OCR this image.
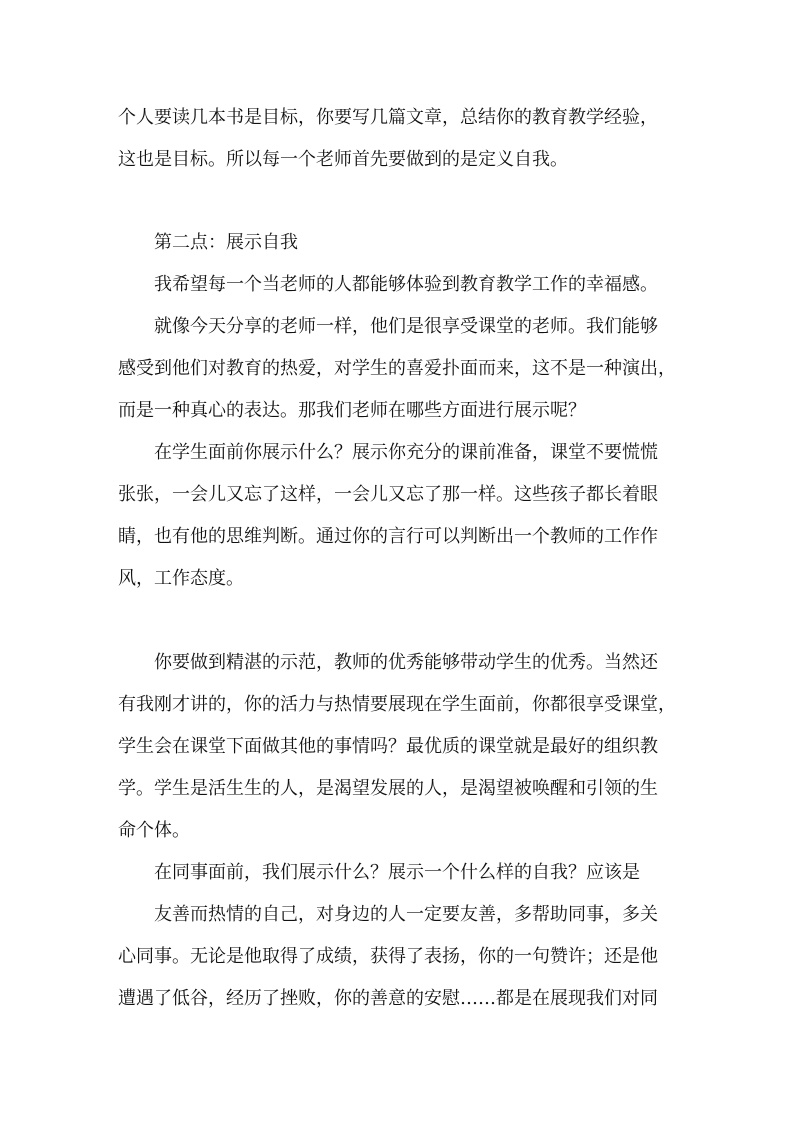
个人要读几本书是目标，你要写几篇文章，总结你的教育教学经验，
这也是目标。所以每一个老师首先要做到的是定义自我。
第二点：展示自我
我希望每一个当老师的人都能够体验到教育教学工作的幸福感。
就像今天分享的老师一样，他们是很享受课堂的老师。我们能够
感受到他们对教育的热爱，对学生的喜爱扑面而来，这不是一种演出，
而是一种真心的表达。那我们老师在哪些方面进行展示呢？
在学生面前你展示什么？展示你充分的课前准备，课堂不要慌慌
张张，一会儿又忘了这样，一会儿又忘了那一样。这些孩子都长着眼
睛，也有他的思维判断。通过你的言行可以判断出一个教师的工作作
风，工作态度。
你要做到精湛的示范，教师的优秀能够带动学生的优秀。当然还
有我刚才讲的，你的活力与热情要展现在学生面前，你都很享受课堂，
学生会在课堂下面做其他的事情吗？最优质的课堂就是最好的组织教
学。学生是活生生的人，是渴望发展的人，是渴望被唤醒和引领的生
命个体。
在同事面前，我们展示什么？展示一个什么样的自我？应该是
友善而热情的自己，对身边的人一定要友善，多帮助同事，多关
心同事。无论是他取得了成绩，获得了表扬，你的一句赞许；还是他
遭遇了低谷，经历了挫败，你的善意的安慰……都是在展现我们对同
